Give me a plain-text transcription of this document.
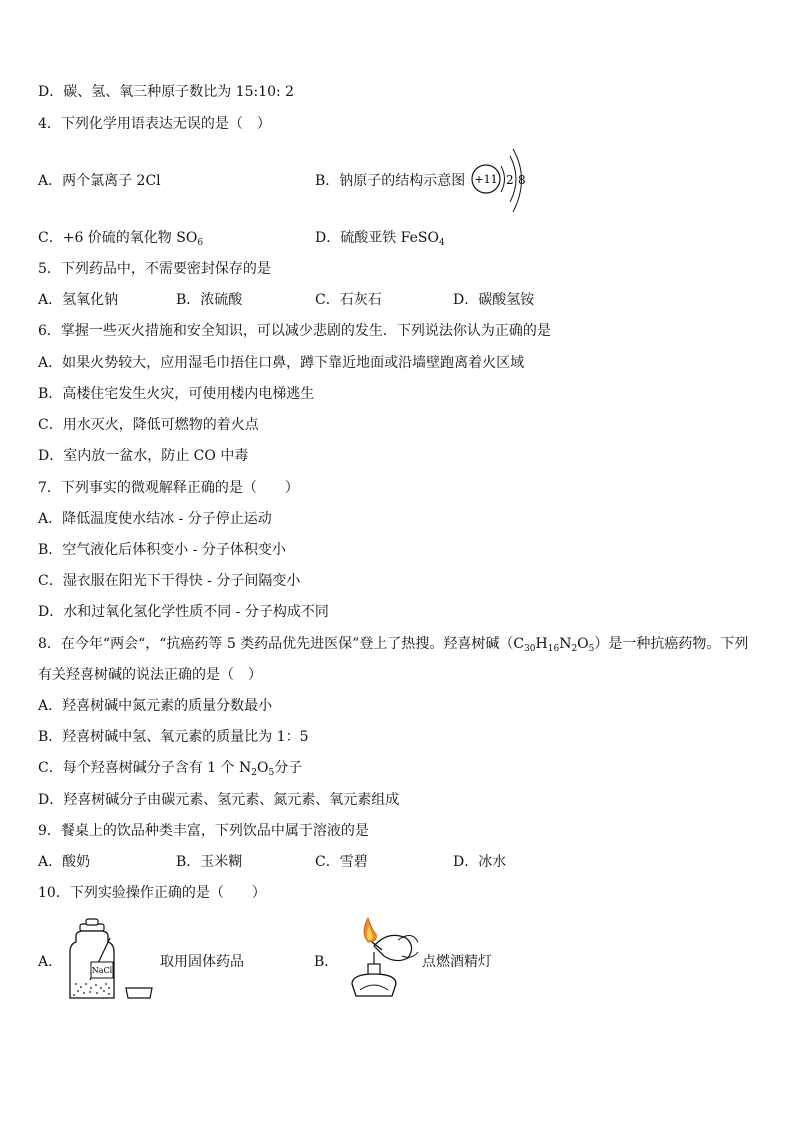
D．碳、氢、氧三种原子数比为 15:10: 2
4．下列化学用语表达无误的是（　）
A．两个氯离子 2Cl	B．钠原子的结构示意图 +11 2 8
C．+6 价硫的氧化物 $SO_6$	D．硫酸亚铁 FeSO$_4$
5．下列药品中，不需要密封保存的是
A．氢氧化钠	B．浓硫酸	C．石灰石	D．碳酸氢铵
6．掌握一些灭火措施和安全知识，可以减少悲剧的发生．下列说法你认为正确的是
A．如果火势较大，应用湿毛巾捂住口鼻，蹲下靠近地面或沿墙壁跑离着火区域
B．高楼住宅发生火灾，可使用楼内电梯逃生
C．用水灭火，降低可燃物的着火点
D．室内放一盆水，防止 CO 中毒
7．下列事实的微观解释正确的是（　　）
A．降低温度使水结冰 - 分子停止运动
B．空气液化后体积变小 - 分子体积变小
C．湿衣服在阳光下干得快 - 分子间隔变小
D．水和过氧化氢化学性质不同 - 分子构成不同
8．在今年“两会“，“抗癌药等 5 类药品优先进医保”登上了热搜。羟喜树碱$(C_{30}H_{16}N_2O_5)$是一种抗癌药物。下列
有关羟喜树碱的说法正确的是（　）
A．羟喜树碱中氮元素的质量分数最小
B．羟喜树碱中氢、氧元素的质量比为 1：5
C．每个羟喜树碱分子含有 1 个 $N_2O_5$分子
D．羟喜树碱分子由碳元素、氢元素、氮元素、氧元素组成
9．餐桌上的饮品种类丰富，下列饮品中属于溶液的是
A．酸奶	B．玉米糊	C．雪碧	D．冰水
10．下列实验操作正确的是（　　）
A．
NaCl
取用固体药品	B．	点燃酒精灯
